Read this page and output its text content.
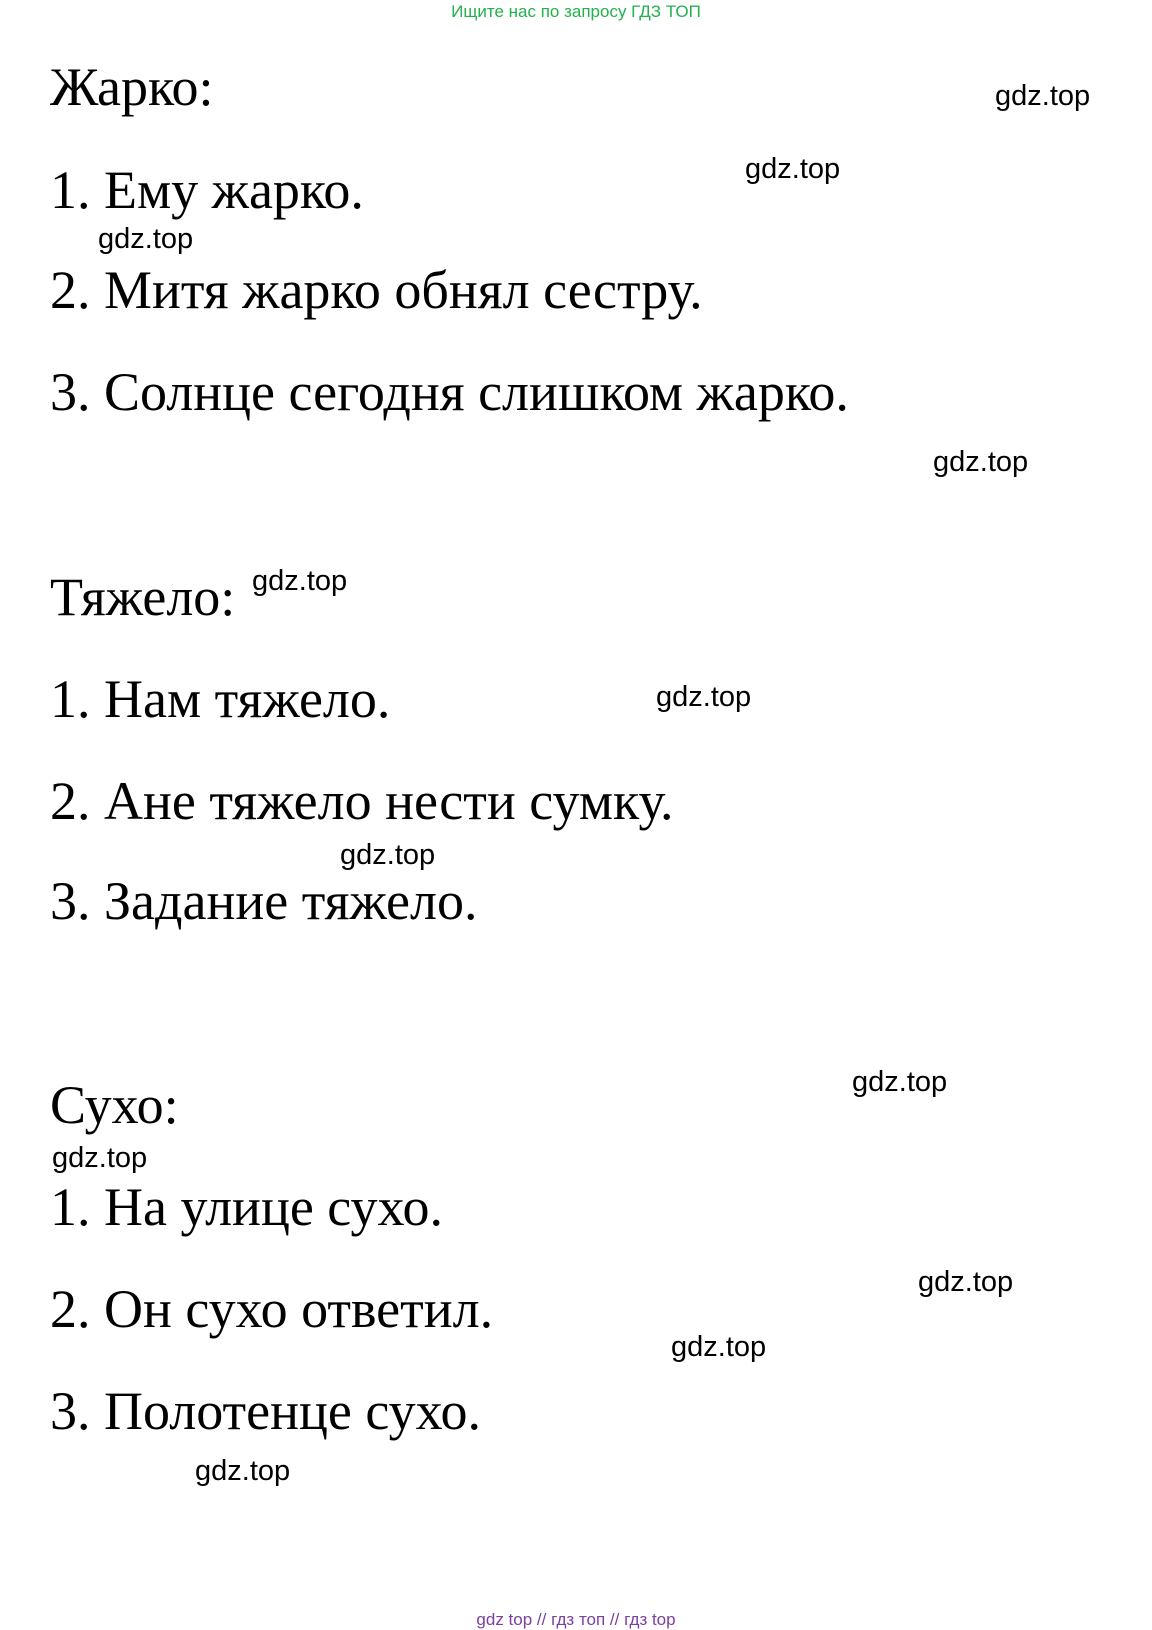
Ищите нас по запросу ГДЗ ТОП
Жарко:
1. Ему жарко.
2. Митя жарко обнял сестру.
3. Солнце сегодня слишком жарко.
Тяжело:
1. Нам тяжело.
2. Ане тяжело нести сумку.
3. Задание тяжело.
Сухо:
1. На улице сухо.
2. Он сухо ответил.
3. Полотенце сухо.
gdz.top
gdz.top
gdz.top
gdz.top
gdz.top
gdz.top
gdz.top
gdz.top
gdz.top
gdz.top
gdz.top
gdz.top
gdz top // гдз топ // гдз top
